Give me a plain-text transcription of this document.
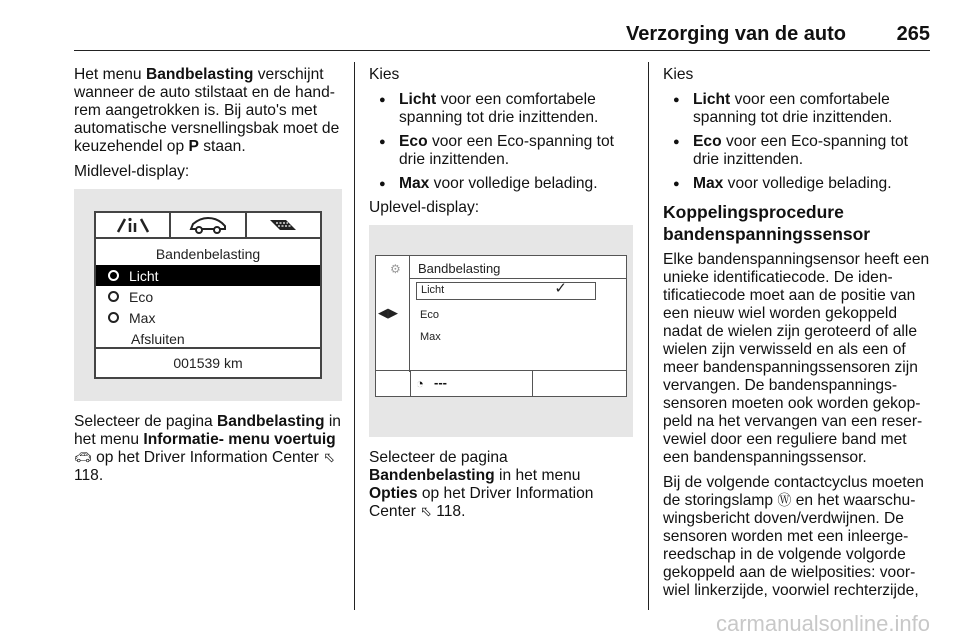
Verzorging van de auto	265

Het menu Bandbelasting verschijnt wanneer de auto stilstaat en de handrem aangetrokken is. Bij auto's met automatische versnellingsbak moet de keuzehendel op P staan.

Midlevel-display:

Bandenbelasting
Licht
Eco
Max
Afsluiten
001539 km

Selecteer de pagina Bandbelasting in het menu Informatie- menu voertuig 🚗︎ op het Driver Information Center ⬁ 118.

Kies

● Licht voor een comfortabele spanning tot drie inzittenden.
● Eco voor een Eco-spanning tot drie inzittenden.
● Max voor volledige belading.

Uplevel-display:

⚙
◀▶
Bandbelasting
Licht	✓
Eco
Max
◔ ---

Selecteer de pagina Bandenbelasting in het menu Opties op het Driver Information Center ⬁ 118.

Kies

● Licht voor een comfortabele spanning tot drie inzittenden.
● Eco voor een Eco-spanning tot drie inzittenden.
● Max voor volledige belading.
Koppelingsprocedure bandenspanningssensor

Elke bandenspanningsensor heeft een unieke identificatiecode. De identificatiecode moet aan de positie van een nieuw wiel worden gekoppeld nadat de wielen zijn geroteerd of alle wielen zijn verwisseld en als een of meer bandenspanningssensoren zijn vervangen. De bandenspanningssensoren moeten ook worden gekoppeld na het vervangen van een reservewiel door een reguliere band met een bandenspanningssensor.

Bij de volgende contactcyclus moeten de storingslamp Ⓦ en het waarschuwingsbericht doven/verdwijnen. De sensoren worden met een inleergereedschap in de volgende volgorde gekoppeld aan de wielposities: voorwiel linkerzijde, voorwiel rechterzijde,

carmanualsonline.info
